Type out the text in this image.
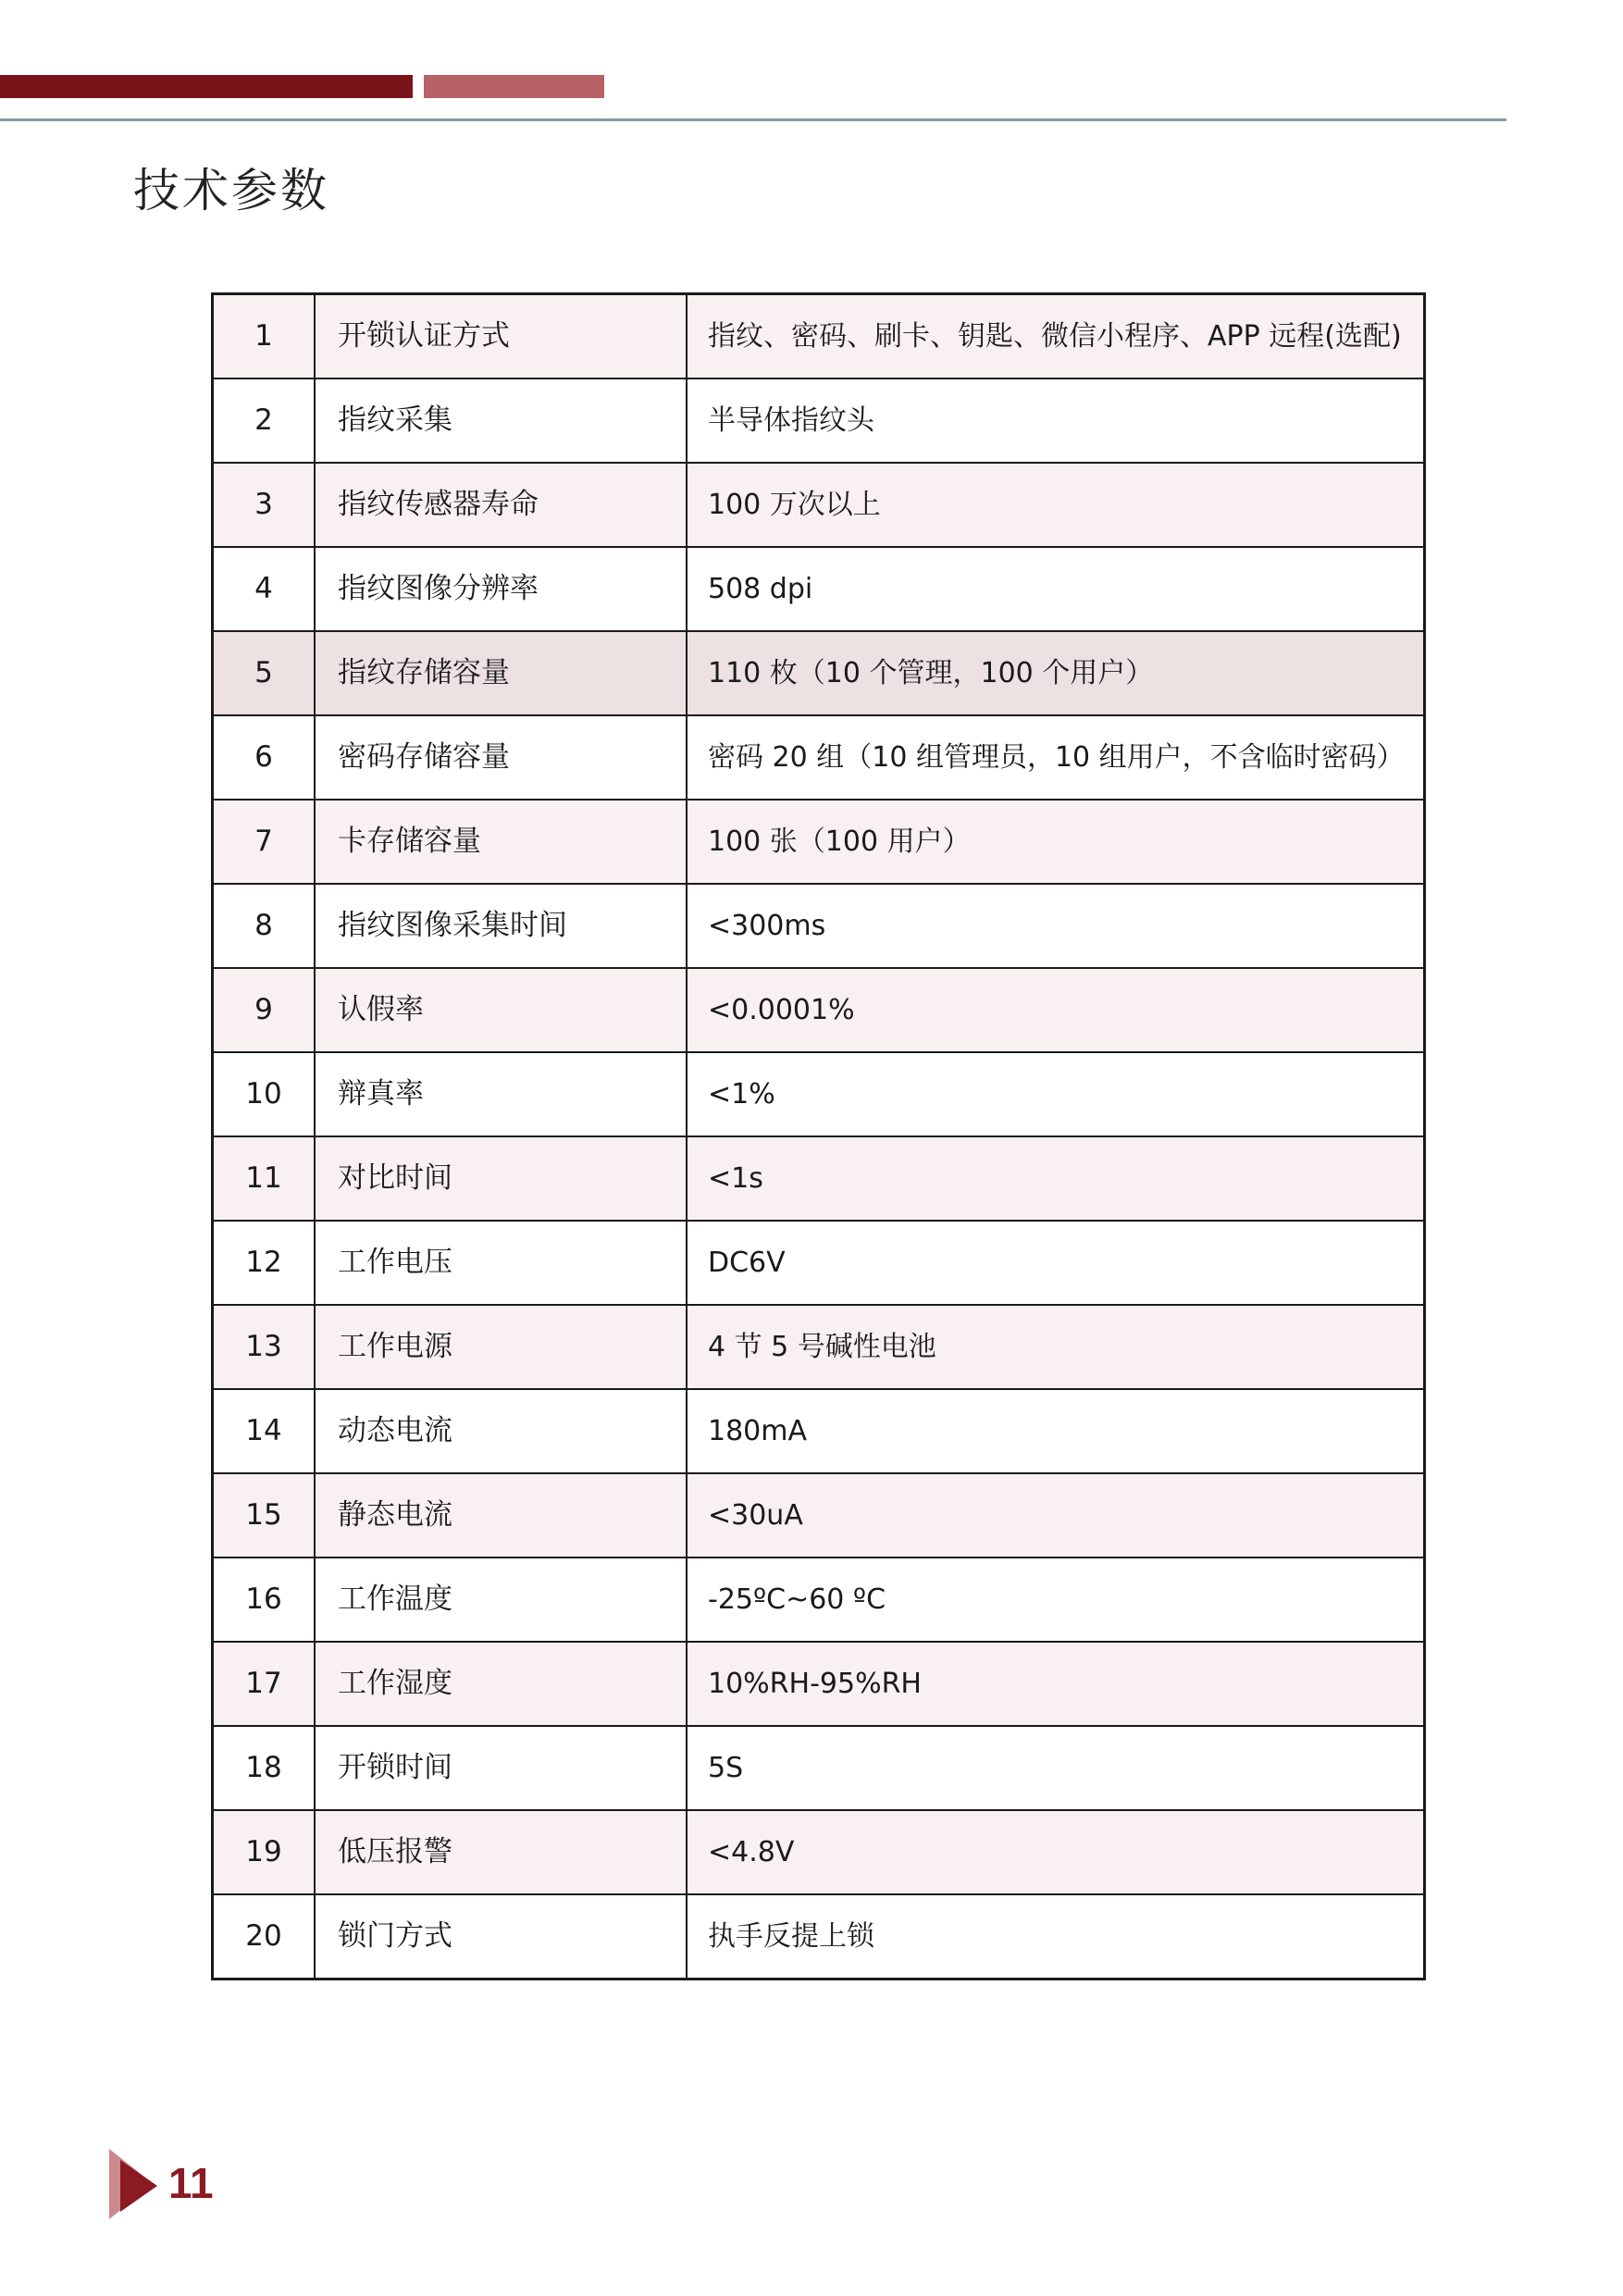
技术参数
1	开锁认证方式	指纹、密码、刷卡、钥匙、微信小程序、APP 远程(选配)
2	指纹采集	半导体指纹头
3	指纹传感器寿命	100 万次以上
4	指纹图像分辨率	508 dpi
5	指纹存储容量	110 枚（10 个管理，100 个用户）
6	密码存储容量	密码 20 组（10 组管理员，10 组用户，不含临时密码）
7	卡存储容量	100 张（100 用户）
8	指纹图像采集时间	<300ms
9	认假率	<0.0001%
10	辩真率	<1%
11	对比时间	<1s
12	工作电压	DC6V
13	工作电源	4 节 5 号碱性电池
14	动态电流	180mA
15	静态电流	<30uA
16	工作温度	-25ºC~60 ºC
17	工作湿度	10%RH-95%RH
18	开锁时间	5S
19	低压报警	<4.8V
20	锁门方式	执手反提上锁
11
